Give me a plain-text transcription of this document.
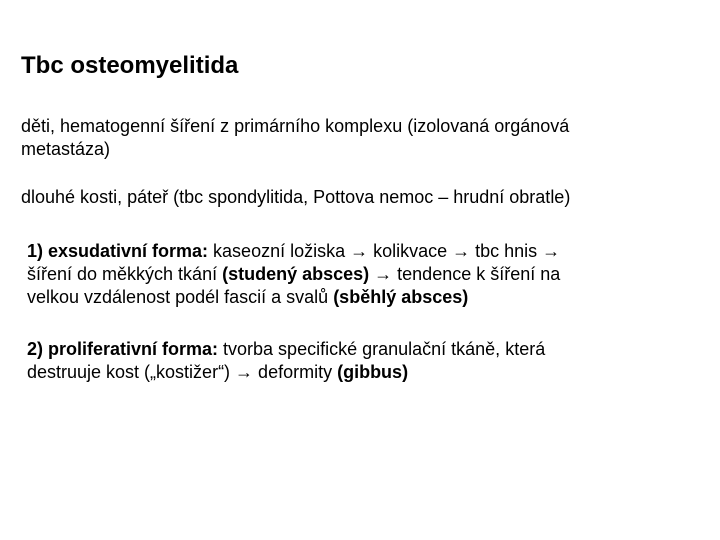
Tbc osteomyelitida
děti, hematogenní šíření z primárního komplexu (izolovaná orgánová
metastáza)
dlouhé kosti, páteř (tbc spondylitida, Pottova nemoc – hrudní obratle)
1) exsudativní forma: kaseozní ložiska → kolikvace → tbc hnis →
šíření do měkkých tkání (studený absces) → tendence k šíření na
velkou vzdálenost podél fascií a svalů (sběhlý absces)
2) proliferativní forma: tvorba specifické granulační tkáně, která
destruuje kost („kostižer“) → deformity (gibbus)
